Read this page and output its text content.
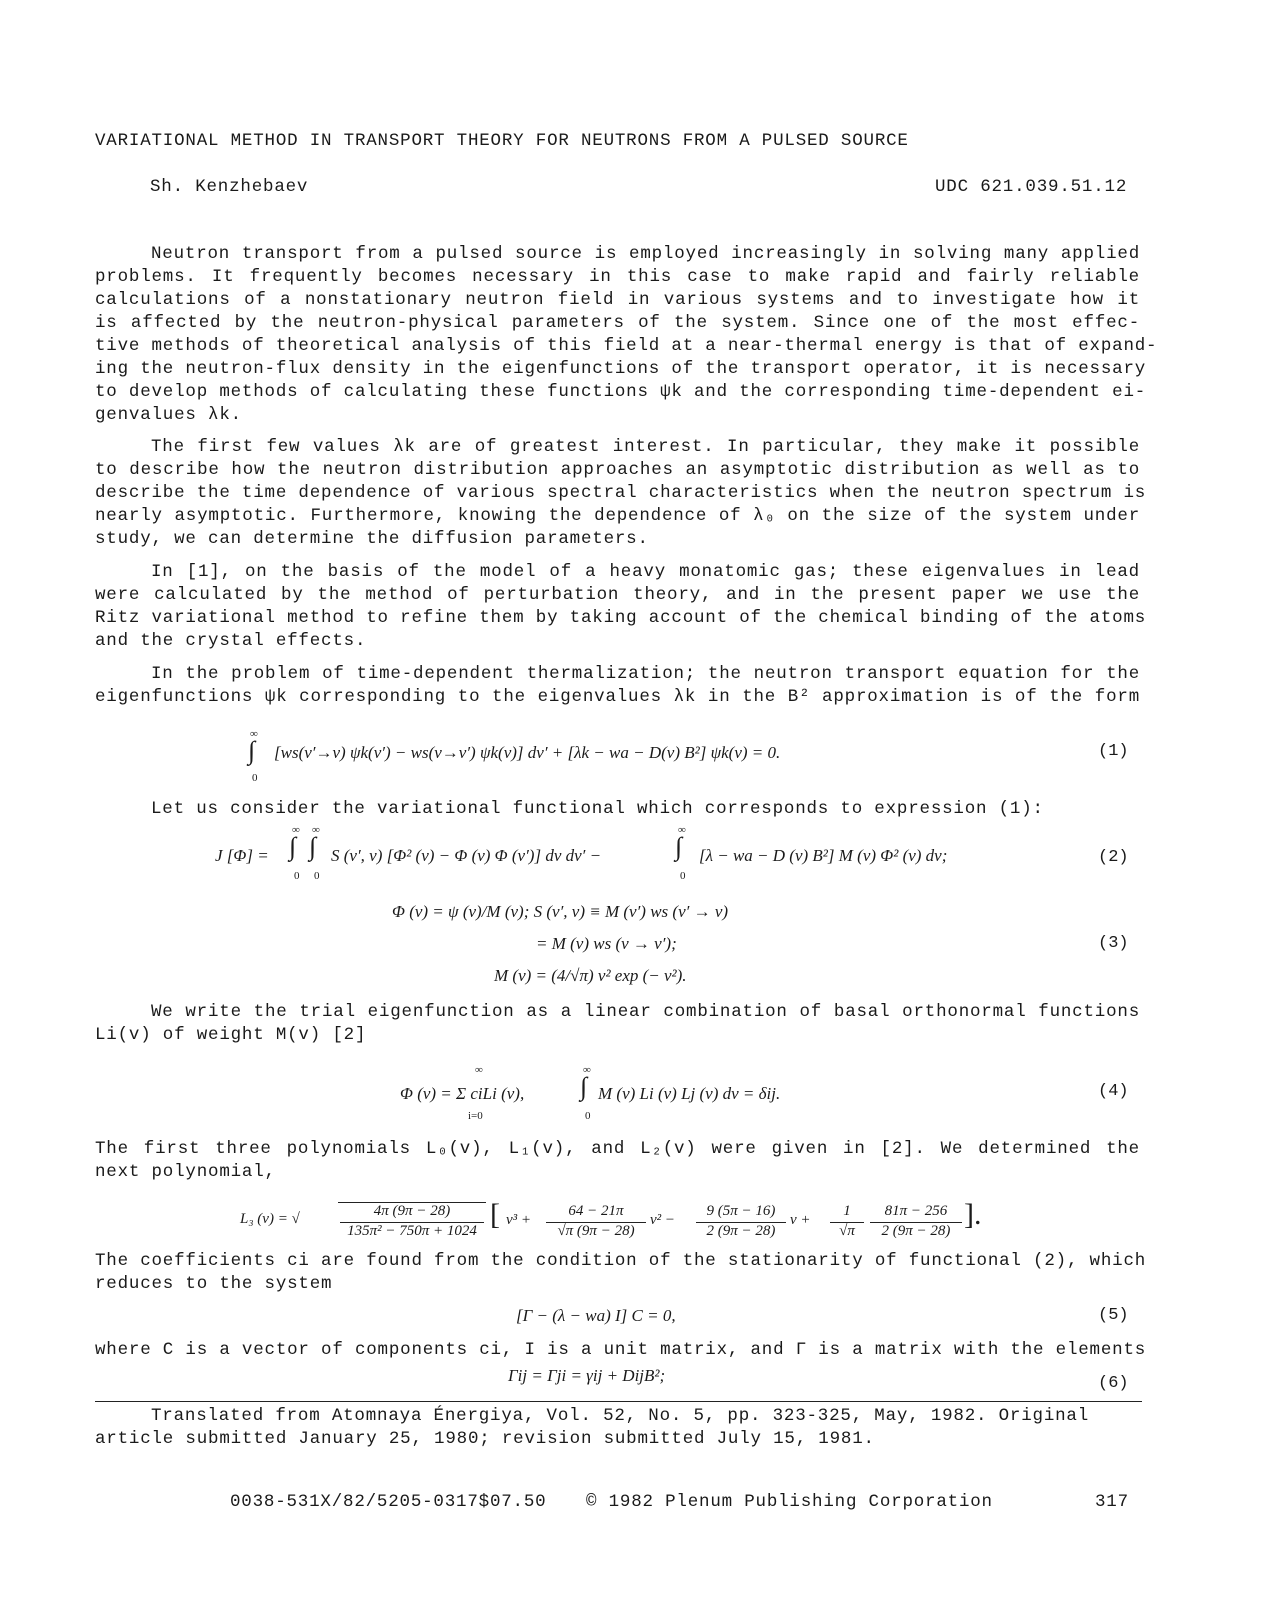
VARIATIONAL METHOD IN TRANSPORT THEORY FOR NEUTRONS FROM A PULSED SOURCE
Sh. Kenzhebaev	UDC 621.039.51.12
Neutron transport from a pulsed source is employed increasingly in solving many applied
problems. It frequently becomes necessary in this case to make rapid and fairly reliable
calculations of a nonstationary neutron field in various systems and to investigate how it
is affected by the neutron-physical parameters of the system. Since one of the most effec-
tive methods of theoretical analysis of this field at a near-thermal energy is that of expand-
ing the neutron-flux density in the eigenfunctions of the transport operator, it is necessary
to develop methods of calculating these functions ψk and the corresponding time-dependent ei-
genvalues λk.
The first few values λk are of greatest interest. In particular, they make it possible
to describe how the neutron distribution approaches an asymptotic distribution as well as to
describe the time dependence of various spectral characteristics when the neutron spectrum is
nearly asymptotic. Furthermore, knowing the dependence of λ₀ on the size of the system under
study, we can determine the diffusion parameters.
In [1], on the basis of the model of a heavy monatomic gas; these eigenvalues in lead
were calculated by the method of perturbation theory, and in the present paper we use the
Ritz variational method to refine them by taking account of the chemical binding of the atoms
and the crystal effects.
In the problem of time-dependent thermalization; the neutron transport equation for the
eigenfunctions ψk corresponding to the eigenvalues λk in the B² approximation is of the form
∞
∫
0
[ws(v′→v) ψk(v′) − ws(v→v′) ψk(v)] dv′ + [λk − wa − D(v) B²] ψk(v) = 0.	(1)
Let us consider the variational functional which corresponds to expression (1):
J [Φ] =
∞
∫
0
∞
∫
0
S (v′, v) [Φ² (v) − Φ (v) Φ (v′)] dv dv′ −
∞
∫
0
[λ − wa − D (v) B²] M (v) Φ² (v) dv;	(2)
Φ (v) = ψ (v)/M (v); S (v′, v) ≡ M (v′) ws (v′ → v)
= M (v) ws (v → v′);
M (v) = (4/√π) v² exp (− v²).
(3)
We write the trial eigenfunction as a linear combination of basal orthonormal functions
Li(v) of weight M(v) [2]
∞
i=0
Φ (v) = Σ ciLi (v),
∞
∫
0
M (v) Li (v) Lj (v) dv = δij.	(4)
The first three polynomials L₀(v), L₁(v), and L₂(v) were given in [2]. We determined the
next polynomial,
L₃ (v) = √	4π (9π − 28)
135π² − 750π + 1024 [ v³ +
64 − 21π
√π (9π − 28)
v² −
9 (5π − 16)
2 (9π − 28)
v +
1
√π
81π − 256
2 (9π − 28) ].
The coefficients ci are found from the condition of the stationarity of functional (2), which
reduces to the system
[Γ − (λ − wa) I] C = 0,	(5)
where C is a vector of components ci, I is a unit matrix, and Γ is a matrix with the elements
Γij = Γji = γij + DijB²;	(6)
Translated from Atomnaya Énergiya, Vol. 52, No. 5, pp. 323-325, May, 1982. Original
article submitted January 25, 1980; revision submitted July 15, 1981.
0038-531X/82/5205-0317$07.50 © 1982 Plenum Publishing Corporation	317
